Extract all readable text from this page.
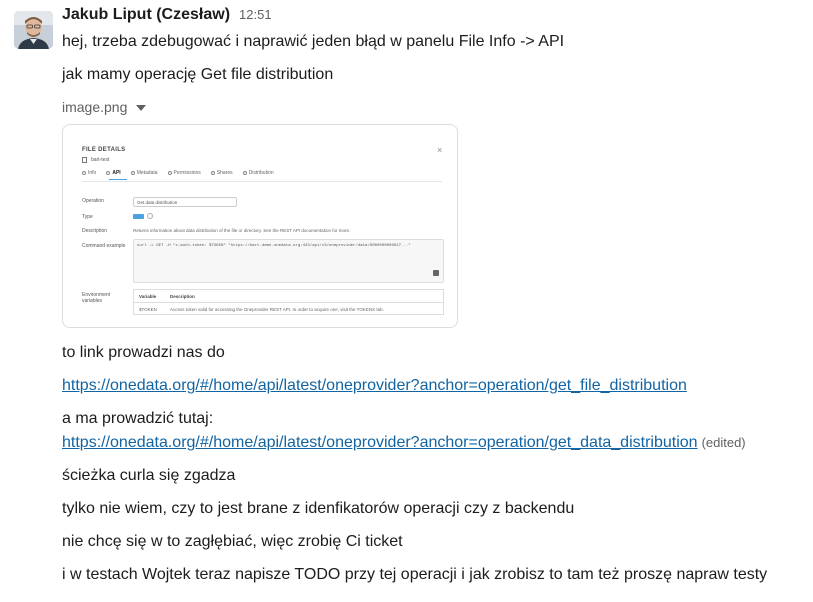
Jakub Liput (Czesław) 12:51
hej, trzeba zdebugować i naprawić jeden błąd w panelu File Info -> API
jak mamy operację Get file distribution
image.png
FILE DETAILS	×
bart-test
Info	API	Metadata	Permissions	Shares	Distribution
Operation	Get data distribution
Type
Description	Returns information about data distribution of the file or directory. See the REST API documentation for more.
Command example	curl -L GET -H "x-auth-token: $TOKEN" "https://bart.demo.onedata.org:443/api/v3/oneprovider/data/0000000000027..."
Environment variables
Variable	Description
$TOKEN	Access token valid for accessing the Oneprovider REST API. In order to acquire one, visit the TOKENS tab.
to link prowadzi nas do
https://onedata.org/#/home/api/latest/oneprovider?anchor=operation/get_file_distribution
a ma prowadzić tutaj:
https://onedata.org/#/home/api/latest/oneprovider?anchor=operation/get_data_distribution (edited)
ścieżka curla się zgadza
tylko nie wiem, czy to jest brane z idenfikatorów operacji czy z backendu
nie chcę się w to zagłębiać, więc zrobię Ci ticket
i w testach Wojtek teraz napisze TODO przy tej operacji i jak zrobisz to tam też proszę napraw testy
